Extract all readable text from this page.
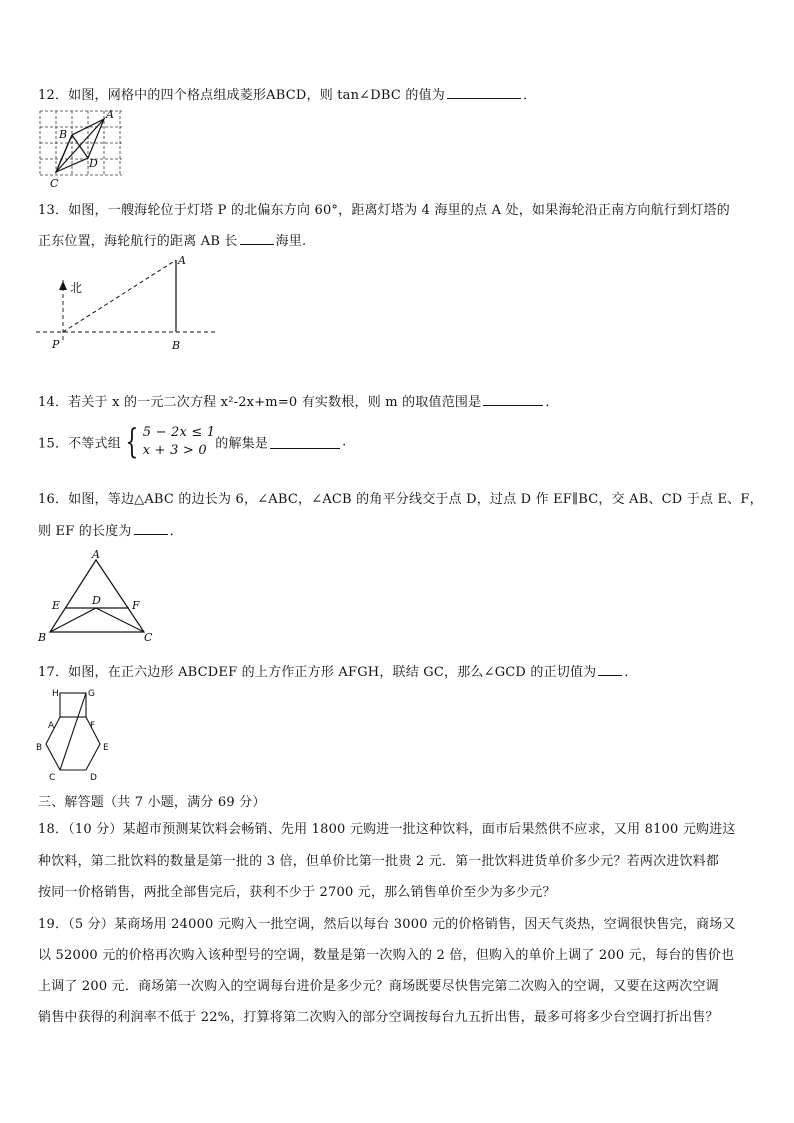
12．如图，网格中的四个格点组成菱形ABCD，则 tan∠DBC 的值为	．
A
B
C
D
13．如图，一艘海轮位于灯塔 P 的北偏东方向 60°，距离灯塔为 4 海里的点 A 处，如果海轮沿正南方向航行到灯塔的
正东位置，海轮航行的距离 AB 长	海里.
北
A
P	B
14．若关于 x 的一元二次方程 x²-2x+m=0 有实数根，则 m 的取值范围是	．
15．不等式组 { 5 − 2x ≤ 1
x + 3 > 0 的解集是	.
16．如图，等边△ABC 的边长为 6，∠ABC，∠ACB 的角平分线交于点 D，过点 D 作 EF∥BC，交 AB、CD 于点 E、F，
则 EF 的长度为	．
A
D
E	F
B	C
17．如图，在正六边形 ABCDEF 的上方作正方形 AFGH，联结 GC，那么∠GCD 的正切值为 ．
H	G
A	F
B	E
C	D
三、解答题（共 7 小题，满分 69 分）
18．（10 分）某超市预测某饮料会畅销、先用 1800 元购进一批这种饮料，面市后果然供不应求，又用 8100 元购进这
种饮料，第二批饮料的数量是第一批的 3 倍，但单价比第一批贵 2 元．第一批饮料进货单价多少元？若两次进饮料都
按同一价格销售，两批全部售完后，获利不少于 2700 元，那么销售单价至少为多少元？
19．（5 分）某商场用 24000 元购入一批空调，然后以每台 3000 元的价格销售，因天气炎热，空调很快售完，商场又
以 52000 元的价格再次购入该种型号的空调，数量是第一次购入的 2 倍，但购入的单价上调了 200 元，每台的售价也
上调了 200 元．商场第一次购入的空调每台进价是多少元？商场既要尽快售完第二次购入的空调，又要在这两次空调
销售中获得的利润率不低于 22%，打算将第二次购入的部分空调按每台九五折出售，最多可将多少台空调打折出售？
